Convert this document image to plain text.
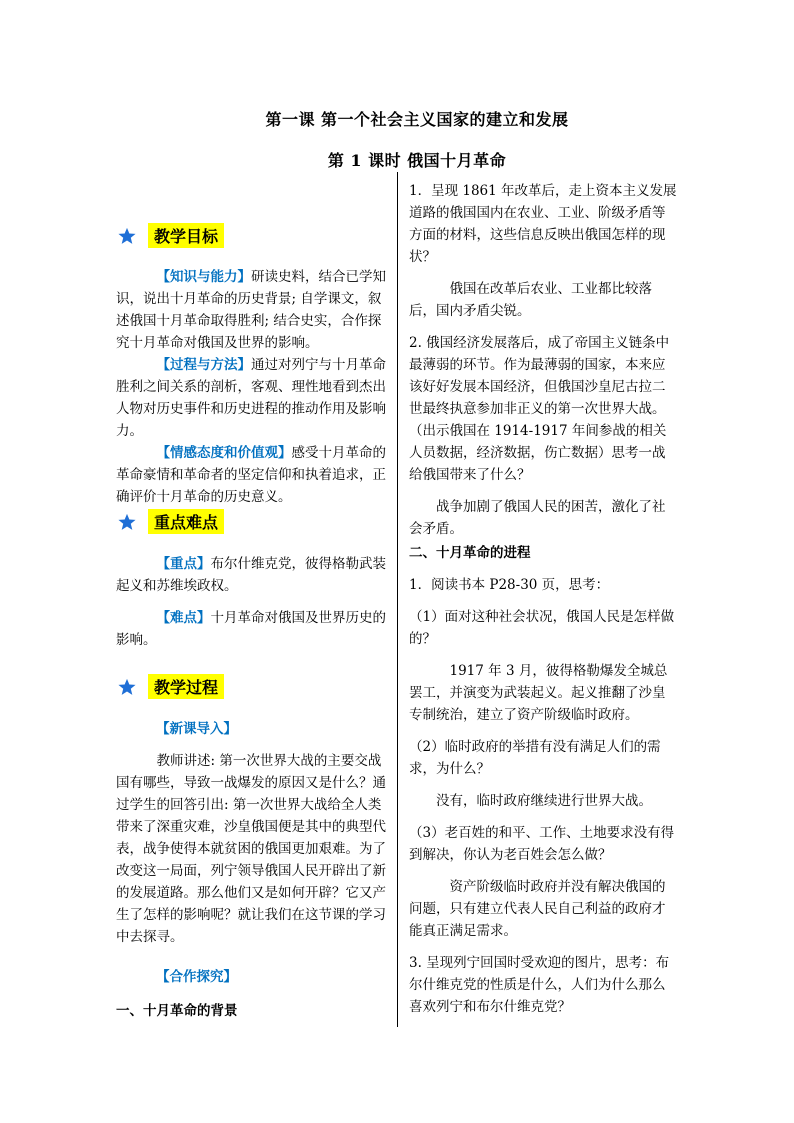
第一课 第一个社会主义国家的建立和发展
第 1 课时 俄国十月革命
教学目标

【知识与能力】研读史料，结合已学知识，说出十月革命的历史背景; 自学课文，叙述俄国十月革命取得胜利; 结合史实，合作探究十月革命对俄国及世界的影响。

【过程与方法】通过对列宁与十月革命胜利之间关系的剖析，客观、理性地看到杰出人物对历史事件和历史进程的推动作用及影响力。

【情感态度和价值观】感受十月革命的革命豪情和革命者的坚定信仰和执着追求，正确评价十月革命的历史意义。

重点难点

【重点】布尔什维克党，彼得格勒武装起义和苏维埃政权。

【难点】十月革命对俄国及世界历史的影响。

教学过程

【新课导入】

教师讲述: 第一次世界大战的主要交战国有哪些，导致一战爆发的原因又是什么？通过学生的回答引出: 第一次世界大战给全人类带来了深重灾难，沙皇俄国便是其中的典型代表，战争使得本就贫困的俄国更加艰难。为了改变这一局面，列宁领导俄国人民开辟出了新的发展道路。那么他们又是如何开辟？它又产生了怎样的影响呢？就让我们在这节课的学习中去探寻。

【合作探究】

一、十月革命的背景

1．呈现 1861 年改革后，走上资本主义发展道路的俄国国内在农业、工业、阶级矛盾等方面的材料，这些信息反映出俄国怎样的现状？

俄国在改革后农业、工业都比较落后，国内矛盾尖锐。

2. 俄国经济发展落后，成了帝国主义链条中最薄弱的环节。作为最薄弱的国家，本来应该好好发展本国经济，但俄国沙皇尼古拉二世最终执意参加非正义的第一次世界大战。（出示俄国在 1914-1917 年间参战的相关人员数据，经济数据，伤亡数据）思考一战给俄国带来了什么？

战争加剧了俄国人民的困苦，激化了社会矛盾。

二、十月革命的进程

1．阅读书本 P28-30 页，思考：

（1）面对这种社会状况，俄国人民是怎样做的？

1917 年 3 月，彼得格勒爆发全城总罢工，并演变为武装起义。起义推翻了沙皇专制统治，建立了资产阶级临时政府。

（2）临时政府的举措有没有满足人们的需求，为什么？

没有，临时政府继续进行世界大战。

（3）老百姓的和平、工作、土地要求没有得到解决，你认为老百姓会怎么做？

资产阶级临时政府并没有解决俄国的问题，只有建立代表人民自己利益的政府才能真正满足需求。

3. 呈现列宁回国时受欢迎的图片，思考：布尔什维克党的性质是什么，人们为什么那么喜欢列宁和布尔什维克党？
